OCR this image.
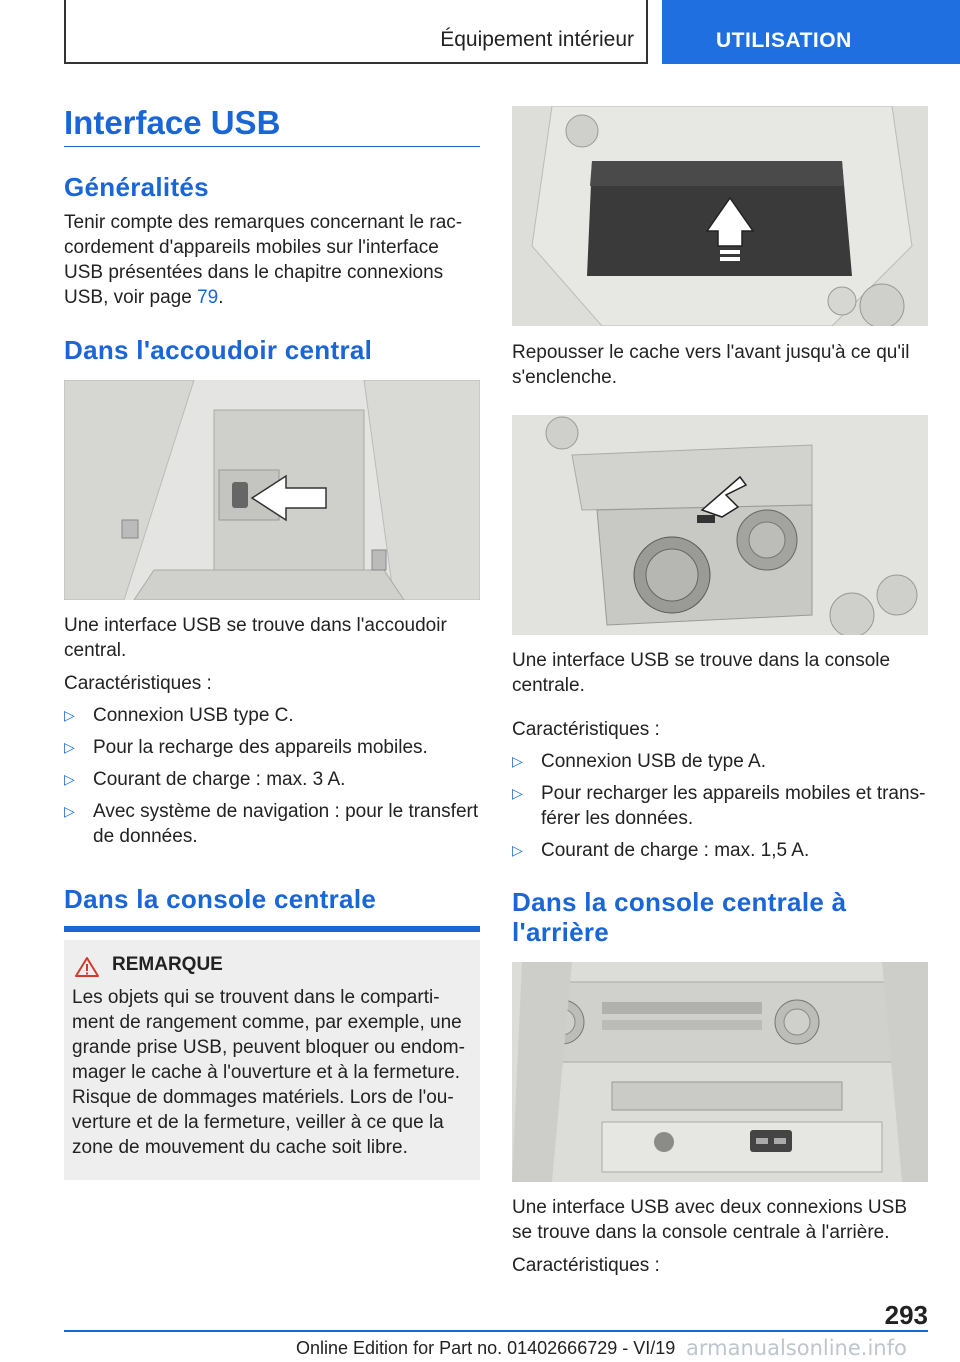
Équipement intérieur	UTILISATION
Interface USB
Généralités
Tenir compte des remarques concernant le rac-
cordement d'appareils mobiles sur l'interface
USB présentées dans le chapitre connexions
USB, voir page 79.
Dans l'accoudoir central
Une interface USB se trouve dans l'accoudoir
central.
Caractéristiques :
▷ Connexion USB type C.
▷ Pour la recharge des appareils mobiles.
▷ Courant de charge : max. 3 A.
▷ Avec système de navigation : pour le transfert
de données.
Dans la console centrale
REMARQUE
Les objets qui se trouvent dans le comparti-
ment de rangement comme, par exemple, une
grande prise USB, peuvent bloquer ou endom-
mager le cache à l'ouverture et à la fermeture.
Risque de dommages matériels. Lors de l'ou-
verture et de la fermeture, veiller à ce que la
zone de mouvement du cache soit libre.
Repousser le cache vers l'avant jusqu'à ce qu'il
s'enclenche.
Une interface USB se trouve dans la console
centrale.
Caractéristiques :
▷ Connexion USB de type A.
▷ Pour recharger les appareils mobiles et trans-
férer les données.
▷ Courant de charge : max. 1,5 A.
Dans la console centrale à
l'arrière
Une interface USB avec deux connexions USB
se trouve dans la console centrale à l'arrière.
Caractéristiques :
293
Online Edition for Part no. 01402666729 - VI/19 armanualsonline.info
